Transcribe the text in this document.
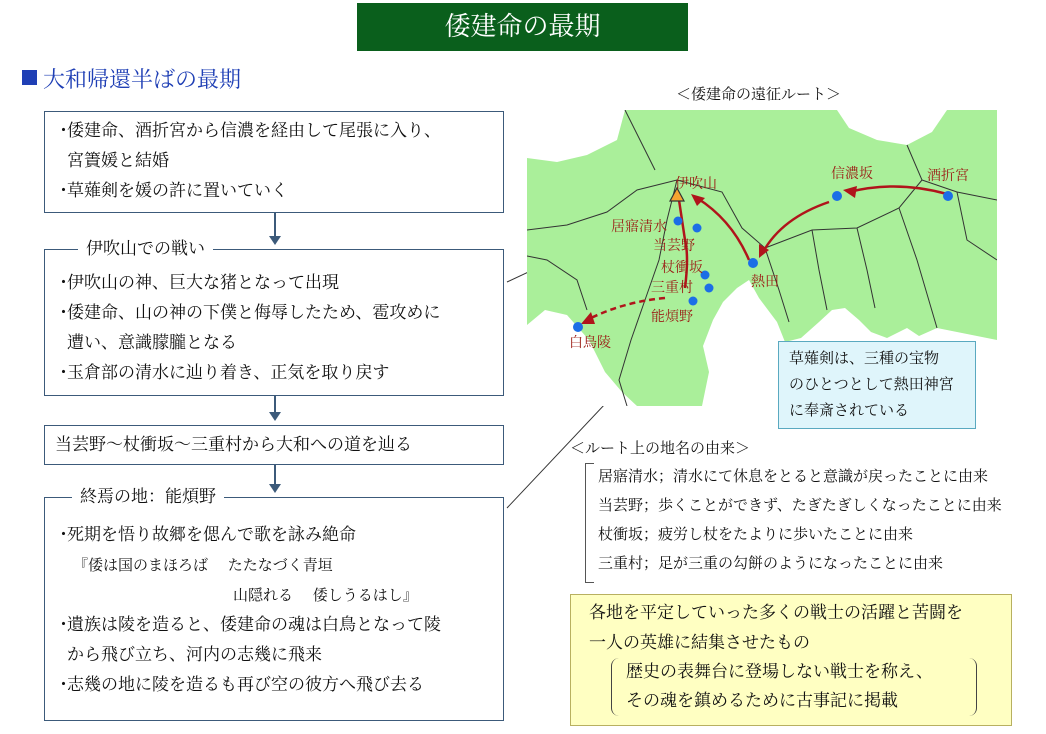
倭建命の最期
大和帰還半ばの最期
・倭建命、酒折宮から信濃を経由して尾張に入り、
宮簀媛と結婚
・草薙剣を媛の許に置いていく
・伊吹山の神、巨大な猪となって出現
・倭建命、山の神の下僕と侮辱したため、雹攻めに
遭い、意識朦朧となる
・玉倉部の清水に辿り着き、正気を取り戻す
伊吹山での戦い
当芸野～杖衝坂～三重村から大和への道を辿る
・死期を悟り故郷を偲んで歌を詠み絶命
『倭は国のまほろば　 たたなづく青垣
山隠れる　 倭しうるはし』
・遺族は陵を造ると、倭建命の魂は白鳥となって陵
から飛び立ち、河内の志幾に飛来
・志幾の地に陵を造るも再び空の彼方へ飛び去る
終焉の地：能煩野
＜倭建命の遠征ルート＞
酒折宮
信濃坂
熱田
伊吹山
居寤清水
当芸野
杖衝坂
三重村
能煩野
白鳥陵
草薙剣は、三種の宝物
のひとつとして熱田神宮
に奉斎されている
＜ルート上の地名の由来＞
居寤清水；清水にて休息をとると意識が戻ったことに由来
当芸野；歩くことができず、たぎたぎしくなったことに由来
杖衝坂；疲労し杖をたよりに歩いたことに由来
三重村；足が三重の勾餅のようになったことに由来
各地を平定していった多くの戦士の活躍と苦闘を
一人の英雄に結集させたもの
歴史の表舞台に登場しない戦士を称え、
その魂を鎮めるために古事記に掲載
